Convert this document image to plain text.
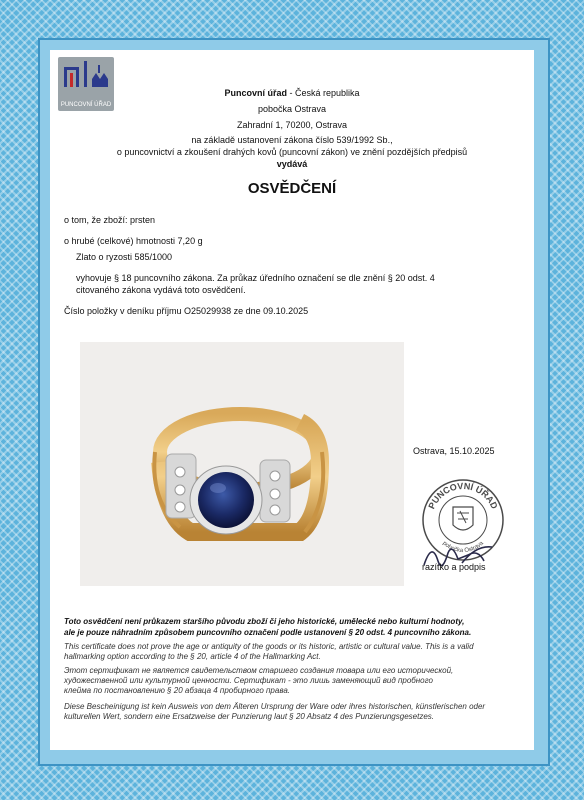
PUNCOVNÍ ÚŘAD
Puncovní úřad - Česká republika
pobočka Ostrava
Zahradní 1, 70200, Ostrava
na základě ustanovení zákona číslo 539/1992 Sb.,
o puncovnictví a zkoušení drahých kovů (puncovní zákon) ve znění pozdějších předpisů
vydává
OSVĚDČENÍ
o tom, že zboží: prsten
o hrubé (celkové) hmotnosti 7,20 g
Zlato o ryzosti 585/1000
vyhovuje § 18 puncovního zákona. Za průkaz úředního označení se dle znění § 20 odst. 4
citovaného zákona vydává toto osvědčení.
Číslo položky v deníku příjmu O25029938 ze dne 09.10.2025
Ostrava, 15.10.2025
PUNCOVNÍ ÚŘAD
pobočka Ostrava
razítko a podpis
Toto osvědčení není průkazem staršího původu zboží či jeho historické, umělecké nebo kulturní hodnoty,
ale je pouze náhradním způsobem puncovního označení podle ustanovení § 20 odst. 4 puncovního zákona.
This certificate does not prove the age or antiquity of the goods or its historic, artistic or cultural value. This is a valid
hallmarking option according to the § 20, article 4 of the Hallmarking Act.
Этот сертификат не является свидетельством старшего создания товара или его исторической,
художественной или культурной ценности. Сертификат - это лишь заменяющий вид пробного
клейма по постановлению § 20 абзаца 4 пробирного права.
Diese Bescheinigung ist kein Ausweis von dem Älteren Ursprung der Ware oder ihres historischen, künstlerischen oder
kulturellen Wert, sondern eine Ersatzweise der Punzierung laut § 20 Absatz 4 des Punzierungsgesetzes.
